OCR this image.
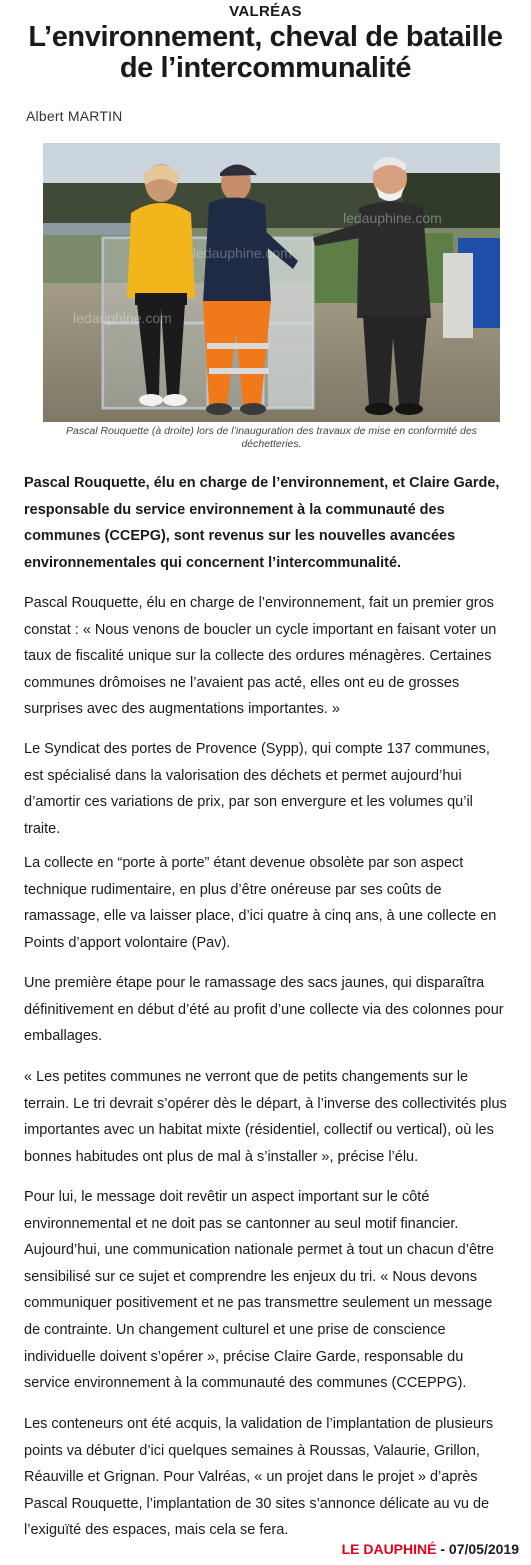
VALRÉAS
L’environnement, cheval de bataille de l’intercommunalité
Albert MARTIN
ledauphine.com
ledauphine.com
ledauphine.com
Pascal Rouquette (à droite) lors de l’inauguration des travaux de mise en conformité des déchetteries.
Pascal Rouquette, élu en charge de l’environnement, et Claire Garde, responsable du service environnement à la communauté des communes (CCEPG), sont revenus sur les nouvelles avancées environnementales qui concernent l’intercommunalité.
Pascal Rouquette, élu en charge de l’environnement, fait un premier gros constat : « Nous venons de boucler un cycle important en faisant voter un taux de fiscalité unique sur la collecte des ordures ménagères. Certaines communes drômoises ne l’avaient pas acté, elles ont eu de grosses surprises avec des augmentations importantes. »
Le Syndicat des portes de Provence (Sypp), qui compte 137 communes, est spécialisé dans la valorisation des déchets et permet aujourd’hui d’amortir ces variations de prix, par son envergure et les volumes qu’il traite.
La collecte en “porte à porte” étant devenue obsolète par son aspect technique rudimentaire, en plus d’être onéreuse par ses coûts de ramassage, elle va laisser place, d’ici quatre à cinq ans, à une collecte en Points d’apport volontaire (Pav).
Une première étape pour le ramassage des sacs jaunes, qui disparaîtra définitivement en début d’été au profit d’une collecte via des colonnes pour emballages.
« Les petites communes ne verront que de petits changements sur le terrain. Le tri devrait s’opérer dès le départ, à l’inverse des collectivités plus importantes avec un habitat mixte (résidentiel, collectif ou vertical), où les bonnes habitudes ont plus de mal à s’installer », précise l’élu.
Pour lui, le message doit revêtir un aspect important sur le côté environnemental et ne doit pas se cantonner au seul motif financier. Aujourd’hui, une communication nationale permet à tout un chacun d’être sensibilisé sur ce sujet et comprendre les enjeux du tri. « Nous devons communiquer positivement et ne pas transmettre seulement un message de contrainte. Un changement culturel et une prise de conscience individuelle doivent s’opérer », précise Claire Garde, responsable du service environnement à la communauté des communes (CCEPPG).
Les conteneurs ont été acquis, la validation de l’implantation de plusieurs points va débuter d’ici quelques semaines à Roussas, Valaurie, Grillon, Réauville et Grignan. Pour Valréas, « un projet dans le projet » d’après Pascal Rouquette, l’implantation de 30 sites s’annonce délicate au vu de l’exiguïté des espaces, mais cela se fera.
LE DAUPHINÉ - 07/05/2019
